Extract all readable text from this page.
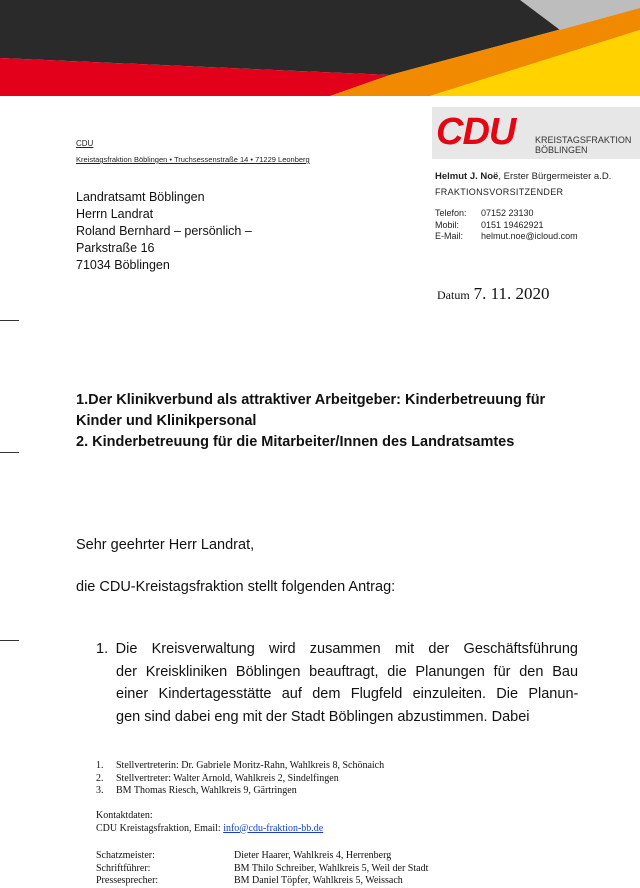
CDU KREISTAGSFRAKTION
BÖBLINGEN
Helmut J. Noë, Erster Bürgermeister a.D.
FRAKTIONSVORSITZENDER
Telefon: 07152 23130
Mobil: 0151 19462921
E-Mail: helmut.noe@icloud.com
CDU
Kreistagsfraktion Böblingen • Truchsessenstraße 14 • 71229 Leonberg
Landratsamt Böblingen
Herrn Landrat
Roland Bernhard – persönlich –
Parkstraße 16
71034 Böblingen
Datum 7. 11. 2020
1.Der Klinikverbund als attraktiver Arbeitgeber: Kinderbetreuung für
Kinder und Klinikpersonal
2. Kinderbetreuung für die Mitarbeiter/Innen des Landratsamtes
Sehr geehrter Herr Landrat,
die CDU-Kreistagsfraktion stellt folgenden Antrag:
1. Die Kreisverwaltung wird zusammen mit der Geschäftsführung
der Kreiskliniken Böblingen beauftragt, die Planungen für den Bau
einer Kindertagesstätte auf dem Flugfeld einzuleiten. Die Planun-
gen sind dabei eng mit der Stadt Böblingen abzustimmen. Dabei
1. Stellvertreterin: Dr. Gabriele Moritz-Rahn, Wahlkreis 8, Schönaich
2. Stellvertreter: Walter Arnold, Wahlkreis 2, Sindelfingen
3. BM Thomas Riesch, Wahlkreis 9, Gärtringen
Kontaktdaten:
CDU Kreistagsfraktion, Email: info@cdu-fraktion-bb.de
Schatzmeister:	Dieter Haarer, Wahlkreis 4, Herrenberg
Schriftführer:	BM Thilo Schreiber, Wahlkreis 5, Weil der Stadt
Pressesprecher:	BM Daniel Töpfer, Wahlkreis 5, Weissach
